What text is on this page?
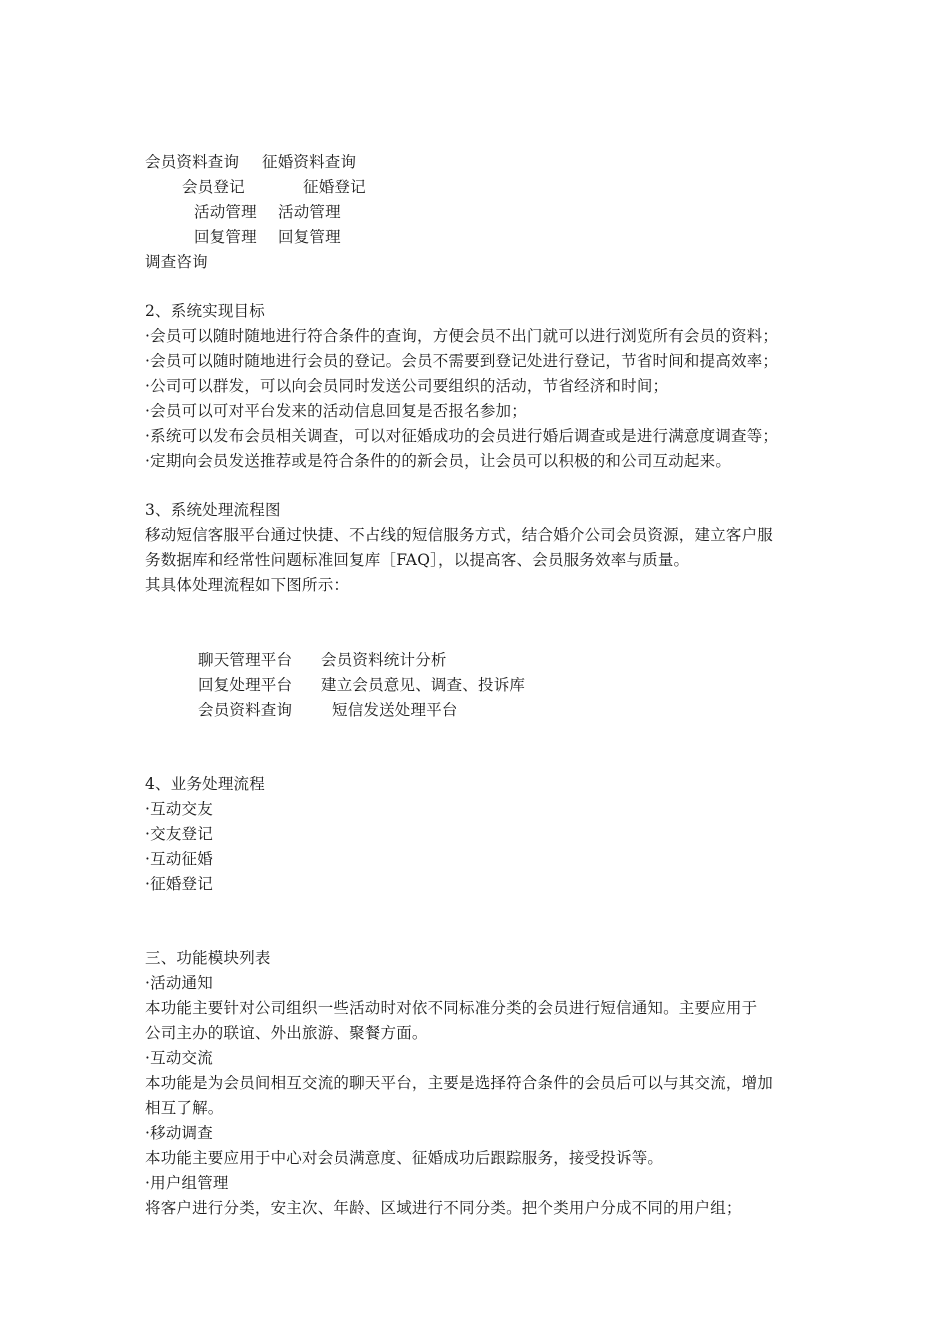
会员资料查询 征婚资料查询
会员登记	征婚登记
活动管理 活动管理
回复管理 回复管理
调查咨询
2、系统实现目标
·会员可以随时随地进行符合条件的查询，方便会员不出门就可以进行浏览所有会员的资料；
·会员可以随时随地进行会员的登记。会员不需要到登记处进行登记，节省时间和提高效率；
·公司可以群发，可以向会员同时发送公司要组织的活动，节省经济和时间；
·会员可以可对平台发来的活动信息回复是否报名参加；
·系统可以发布会员相关调查，可以对征婚成功的会员进行婚后调查或是进行满意度调查等；
·定期向会员发送推荐或是符合条件的的新会员，让会员可以积极的和公司互动起来。
3、系统处理流程图
移动短信客服平台通过快捷、不占线的短信服务方式，结合婚介公司会员资源，建立客户服
务数据库和经常性问题标准回复库［FAQ］，以提高客、会员服务效率与质量。
其具体处理流程如下图所示：
聊天管理平台 会员资料统计分析
回复处理平台 建立会员意见、调查、投诉库
会员资料查询	短信发送处理平台
4、业务处理流程
·互动交友
·交友登记
·互动征婚
·征婚登记
三、功能模块列表
·活动通知
本功能主要针对公司组织一些活动时对依不同标准分类的会员进行短信通知。主要应用于
公司主办的联谊、外出旅游、聚餐方面。
·互动交流
本功能是为会员间相互交流的聊天平台，主要是选择符合条件的会员后可以与其交流，增加
相互了解。
·移动调查
本功能主要应用于中心对会员满意度、征婚成功后跟踪服务，接受投诉等。
·用户组管理
将客户进行分类，安主次、年龄、区域进行不同分类。把个类用户分成不同的用户组；
